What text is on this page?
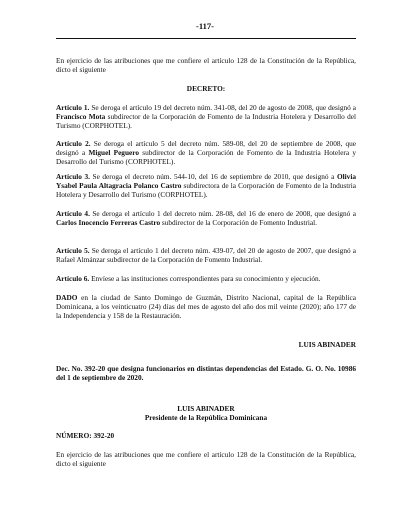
-117-

En ejercicio de las atribuciones que me confiere el artículo 128 de la Constitución de la República, dicto el siguiente

DECRETO:

Artículo 1. Se deroga el artículo 19 del decreto núm. 341-08, del 20 de agosto de 2008, que designó a Francisco Mota subdirector de la Corporación de Fomento de la Industria Hotelera y Desarrollo del Turismo (CORPHOTEL).

Artículo 2. Se deroga el artículo 5 del decreto núm. 589-08, del 20 de septiembre de 2008, que designó a Miguel Peguero subdirector de la Corporación de Fomento de la Industria Hotelera y Desarrollo del Turismo (CORPHOTEL).

Artículo 3. Se deroga el decreto núm. 544-10, del 16 de septiembre de 2010, que designó a Olivia Ysabel Paula Altagracia Polanco Castro subdirectora de la Corporación de Fomento de la Industria Hotelera y Desarrollo del Turismo (CORPHOTEL).

Artículo 4. Se deroga el artículo 1 del decreto núm. 28-08, del 16 de enero de 2008, que designó a Carlos Inocencio Ferreras Castro subdirector de la Corporación de Fomento Industrial.

Artículo 5. Se deroga el artículo 1 del decreto núm. 439-07, del 20 de agosto de 2007, que designó a Rafael Almánzar subdirector de la Corporación de Fomento Industrial.

Artículo 6. Envíese a las instituciones correspondientes para su conocimiento y ejecución.

DADO en la ciudad de Santo Domingo de Guzmán, Distrito Nacional, capital de la República Dominicana, a los veinticuatro (24) días del mes de agosto del año dos mil veinte (2020); año 177 de la Independencia y 158 de la Restauración.

LUIS ABINADER

Dec. No. 392-20 que designa funcionarios en distintas dependencias del Estado. G. O. No. 10986 del 1 de septiembre de 2020.

LUIS ABINADER

Presidente de la República Dominicana

NÚMERO: 392-20

En ejercicio de las atribuciones que me confiere el artículo 128 de la Constitución de la República, dicto el siguiente
